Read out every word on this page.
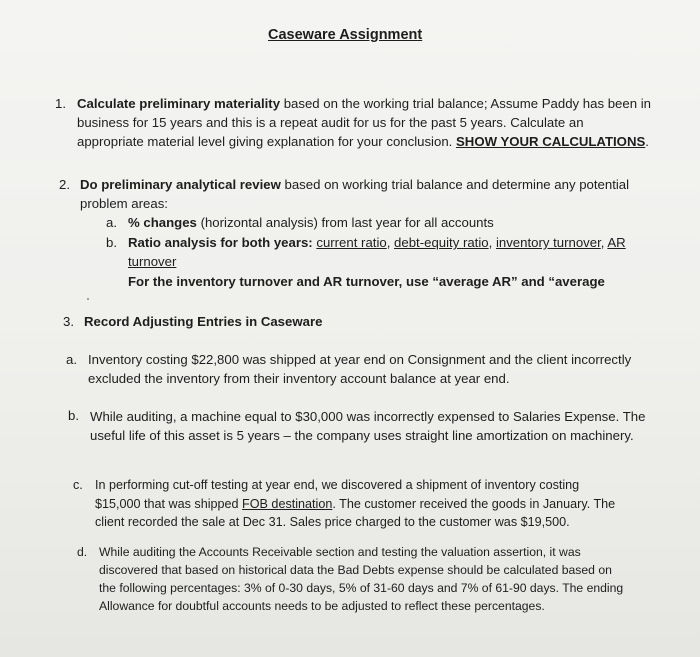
Caseware Assignment
1. Calculate preliminary materiality based on the working trial balance; Assume Paddy has been in
business for 15 years and this is a repeat audit for us for the past 5 years. Calculate an
appropriate material level giving explanation for your conclusion. SHOW YOUR CALCULATIONS.
2. Do preliminary analytical review based on working trial balance and determine any potential
problem areas:
a. % changes (horizontal analysis) from last year for all accounts
b. Ratio analysis for both years: current ratio, debt-equity ratio, inventory turnover, AR
turnover
For the inventory turnover and AR turnover, use “average AR” and “average
3. Record Adjusting Entries in Caseware
a. Inventory costing $22,800 was shipped at year end on Consignment and the client incorrectly
excluded the inventory from their inventory account balance at year end.
b. While auditing, a machine equal to $30,000 was incorrectly expensed to Salaries Expense. The
useful life of this asset is 5 years – the company uses straight line amortization on machinery.
c. In performing cut-off testing at year end, we discovered a shipment of inventory costing
$15,000 that was shipped FOB destination. The customer received the goods in January. The
client recorded the sale at Dec 31. Sales price charged to the customer was $19,500.
d. While auditing the Accounts Receivable section and testing the valuation assertion, it was
discovered that based on historical data the Bad Debts expense should be calculated based on
the following percentages: 3% of 0-30 days, 5% of 31-60 days and 7% of 61-90 days. The ending
Allowance for doubtful accounts needs to be adjusted to reflect these percentages.
